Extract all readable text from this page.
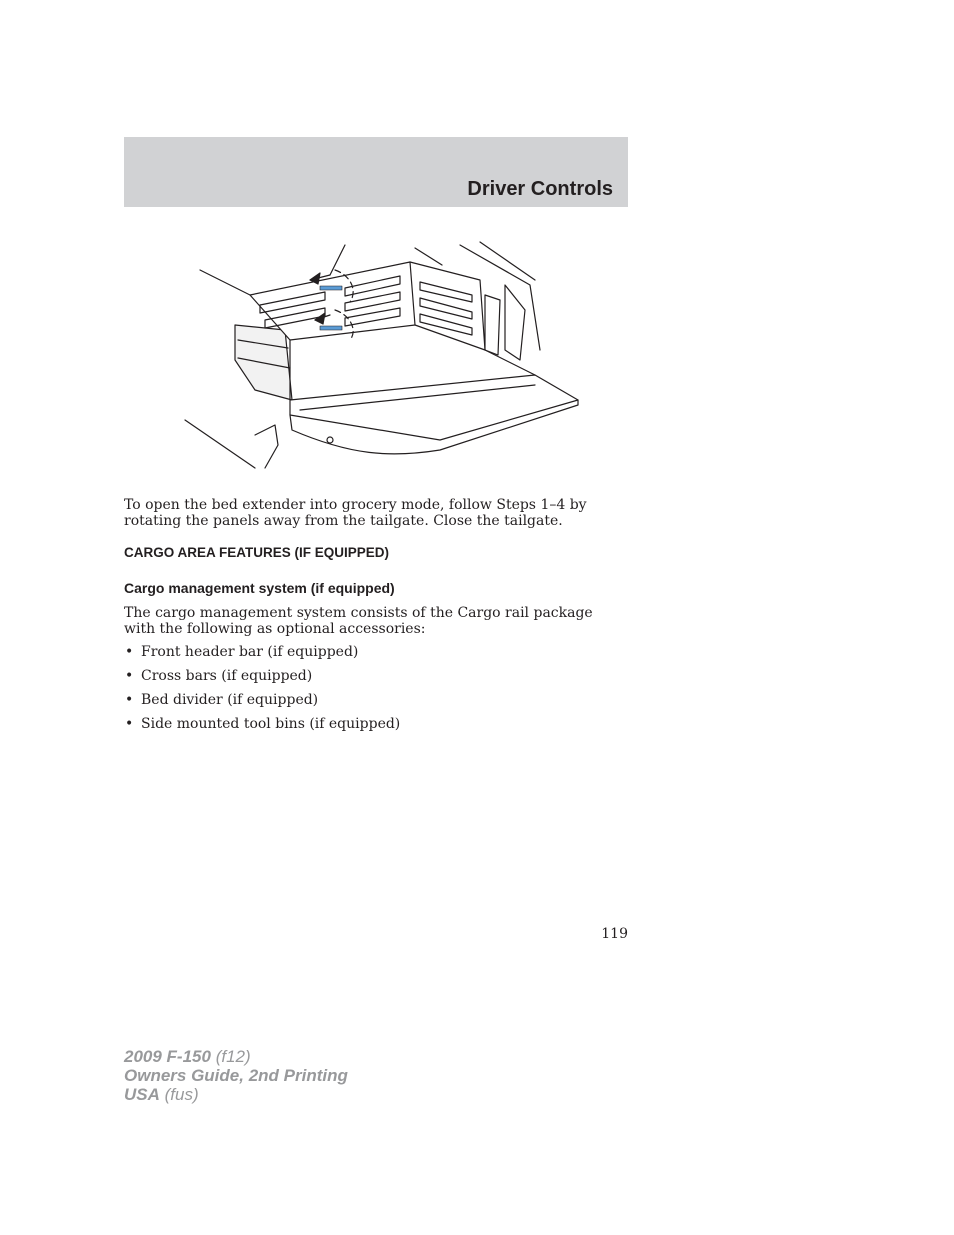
Driver Controls
To open the bed extender into grocery mode, follow Steps 1–4 by rotating the panels away from the tailgate. Close the tailgate.
CARGO AREA FEATURES (IF EQUIPPED)
Cargo management system (if equipped)
The cargo management system consists of the Cargo rail package with the following as optional accessories:
• Front header bar (if equipped)
• Cross bars (if equipped)
• Bed divider (if equipped)
• Side mounted tool bins (if equipped)
119
2009 F-150 (f12)
Owners Guide, 2nd Printing
USA (fus)
